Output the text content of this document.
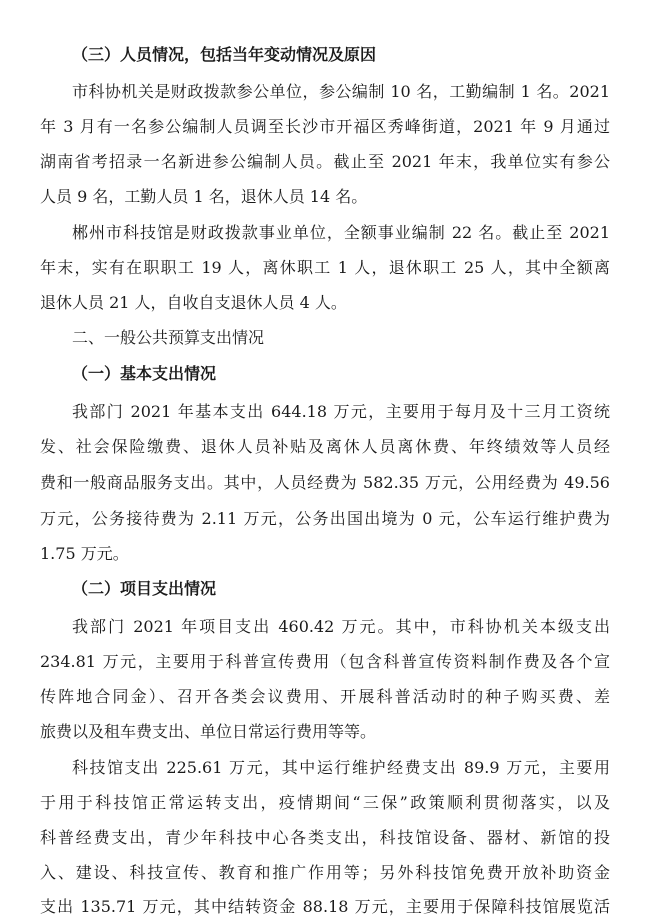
（三）人员情况，包括当年变动情况及原因
市科协机关是财政拨款参公单位，参公编制 10 名，工勤编制 1 名。2021
年 3 月有一名参公编制人员调至长沙市开福区秀峰街道，2021 年 9 月通过
湖南省考招录一名新进参公编制人员。截止至 2021 年末，我单位实有参公
人员 9 名，工勤人员 1 名，退休人员 14 名。
郴州市科技馆是财政拨款事业单位，全额事业编制 22 名。截止至 2021
年末，实有在职职工 19 人，离休职工 1 人，退休职工 25 人，其中全额离
退休人员 21 人，自收自支退休人员 4 人。
二、一般公共预算支出情况
（一）基本支出情况
我部门 2021 年基本支出 644.18 万元，主要用于每月及十三月工资统
发、社会保险缴费、退休人员补贴及离休人员离休费、年终绩效等人员经
费和一般商品服务支出。其中，人员经费为 582.35 万元，公用经费为 49.56
万元，公务接待费为 2.11 万元，公务出国出境为 0 元，公车运行维护费为
1.75 万元。
（二）项目支出情况
我部门 2021 年项目支出 460.42 万元。其中，市科协机关本级支出
234.81 万元，主要用于科普宣传费用（包含科普宣传资料制作费及各个宣
传阵地合同金）、召开各类会议费用、开展科普活动时的种子购买费、差
旅费以及租车费支出、单位日常运行费用等等。
科技馆支出 225.61 万元，其中运行维护经费支出 89.9 万元，主要用
于用于科技馆正常运转支出，疫情期间“三保”政策顺利贯彻落实，以及
科普经费支出，青少年科技中心各类支出，科技馆设备、器材、新馆的投
入、建设、科技宣传、教育和推广作用等；另外科技馆免费开放补助资金
支出 135.71 万元，其中结转资金 88.18 万元，主要用于保障科技馆展览活
